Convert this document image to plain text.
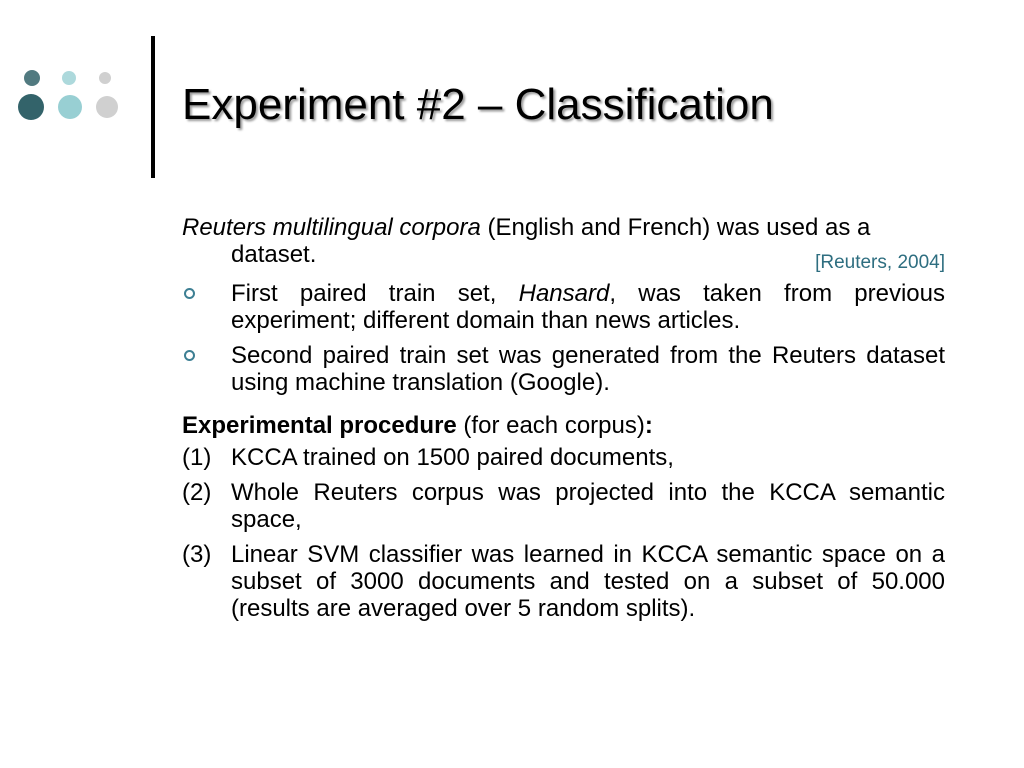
Experiment #2 – Classification

Reuters multilingual corpora (English and French) was used as a dataset.	[Reuters, 2004]

First paired train set, Hansard, was taken from previous experiment; different domain than news articles.
Second paired train set was generated from the Reuters dataset using machine translation (Google).

Experimental procedure (for each corpus):

(1) KCCA trained on 1500 paired documents,
(2) Whole Reuters corpus was projected into the KCCA semantic space,
(3) Linear SVM classifier was learned in KCCA semantic space on a subset of 3000 documents and tested on a subset of 50.000 (results are averaged over 5 random splits).
